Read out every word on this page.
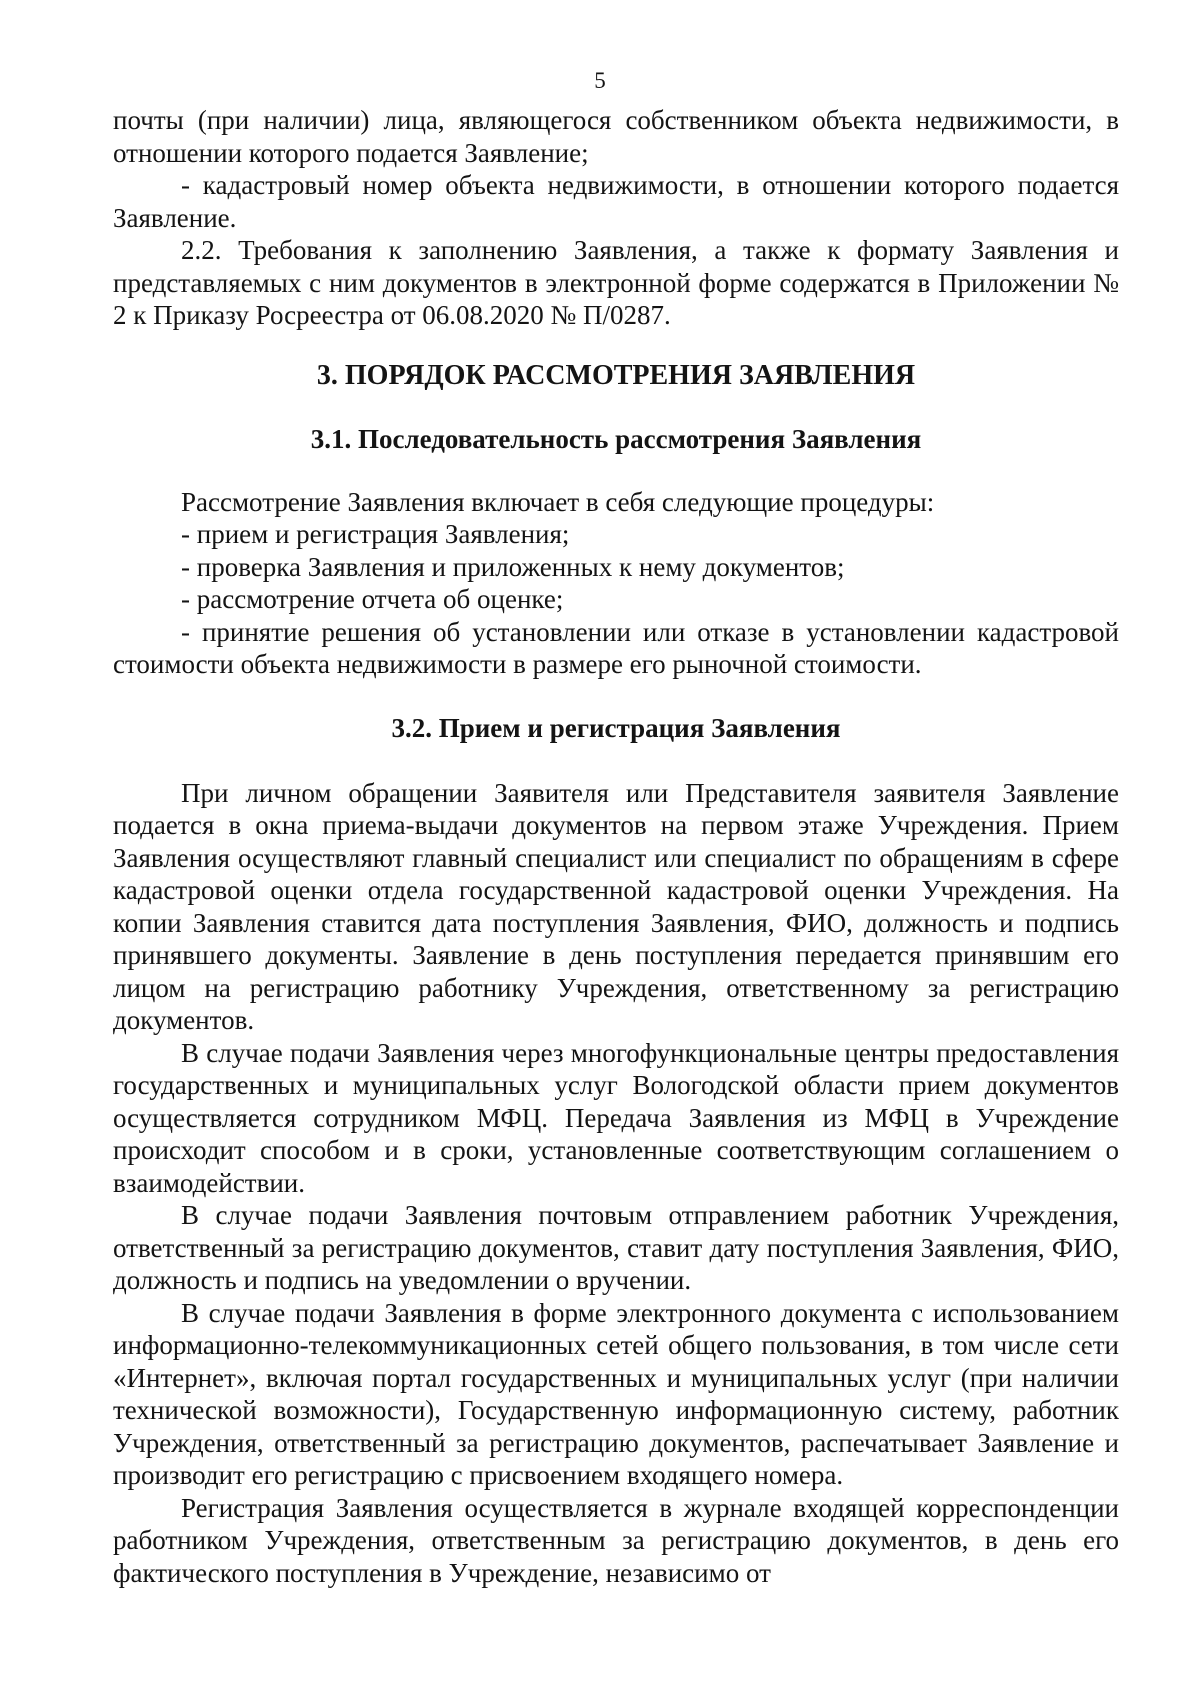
5

почты (при наличии) лица, являющегося собственником объекта недвижимости, в отношении которого подается Заявление;

- кадастровый номер объекта недвижимости, в отношении которого подается Заявление.

2.2. Требования к заполнению Заявления, а также к формату Заявления и представляемых с ним документов в электронной форме содержатся в Приложении № 2 к Приказу Росреестра от 06.08.2020 № П/0287.

3. ПОРЯДОК РАССМОТРЕНИЯ ЗАЯВЛЕНИЯ
3.1. Последовательность рассмотрения Заявления

Рассмотрение Заявления включает в себя следующие процедуры:

- прием и регистрация Заявления;

- проверка Заявления и приложенных к нему документов;

- рассмотрение отчета об оценке;

- принятие решения об установлении или отказе в установлении кадастровой стоимости объекта недвижимости в размере его рыночной стоимости.

3.2. Прием и регистрация Заявления

При личном обращении Заявителя или Представителя заявителя Заявление подается в окна приема-выдачи документов на первом этаже Учреждения. Прием Заявления осуществляют главный специалист или специалист по обращениям в сфере кадастровой оценки отдела государственной кадастровой оценки Учреждения. На копии Заявления ставится дата поступления Заявления, ФИО, должность и подпись принявшего документы. Заявление в день поступления передается принявшим его лицом на регистрацию работнику Учреждения, ответственному за регистрацию документов.

В случае подачи Заявления через многофункциональные центры предоставления государственных и муниципальных услуг Вологодской области прием документов осуществляется сотрудником МФЦ. Передача Заявления из МФЦ в Учреждение происходит способом и в сроки, установленные соответствующим соглашением о взаимодействии.

В случае подачи Заявления почтовым отправлением работник Учреждения, ответственный за регистрацию документов, ставит дату поступления Заявления, ФИО, должность и подпись на уведомлении о вручении.

В случае подачи Заявления в форме электронного документа с использованием информационно-телекоммуникационных сетей общего пользования, в том числе сети «Интернет», включая портал государственных и муниципальных услуг (при наличии технической возможности), Государственную информационную систему, работник Учреждения, ответственный за регистрацию документов, распечатывает Заявление и производит его регистрацию с присвоением входящего номера.

Регистрация Заявления осуществляется в журнале входящей корреспонденции работником Учреждения, ответственным за регистрацию документов, в день его фактического поступления в Учреждение, независимо от
